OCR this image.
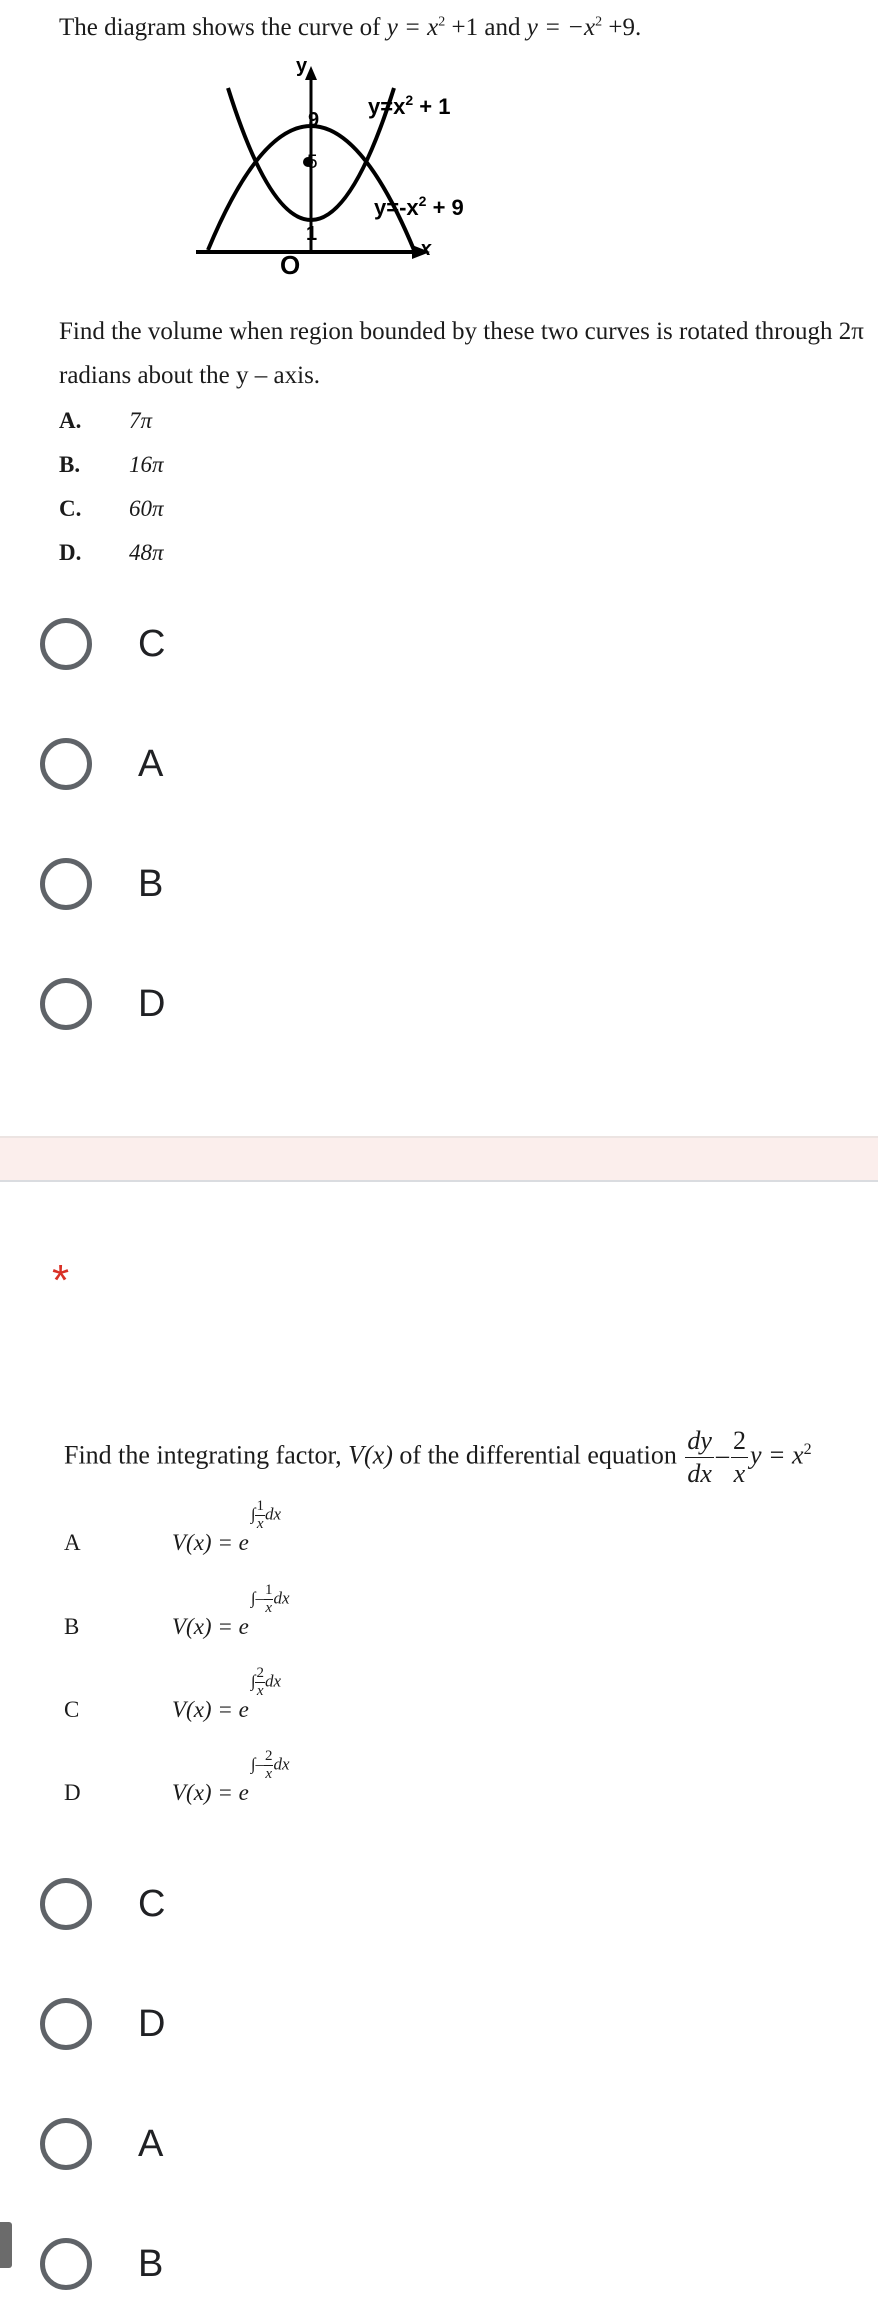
The diagram shows the curve of $y = x^2 +1$ and $y = -x^2 +9$.
y
9
5
1
O
x
$y=x^2 + 1$
$y=-x^2 + 9$
Find the volume when region bounded by these two curves is rotated through 2π
radians about the y – axis.
A. 7π
B. 16π
C. 60π
D. 48π
C
A
B
D
*
Find the integrating factor, V(x) of the differential equation $\frac{dy}{dx} - \frac{2}{x}$ $y = x^2$
A	V(x) = e
∫ $\frac{1}{x}$ dx
B	V(x) = e
∫– $\frac{1}{x}$ dx
C	V(x) = e
∫ $\frac{2}{x}$ dx
D	V(x) = e
∫– $\frac{2}{x}$ dx
C
D
A
B
